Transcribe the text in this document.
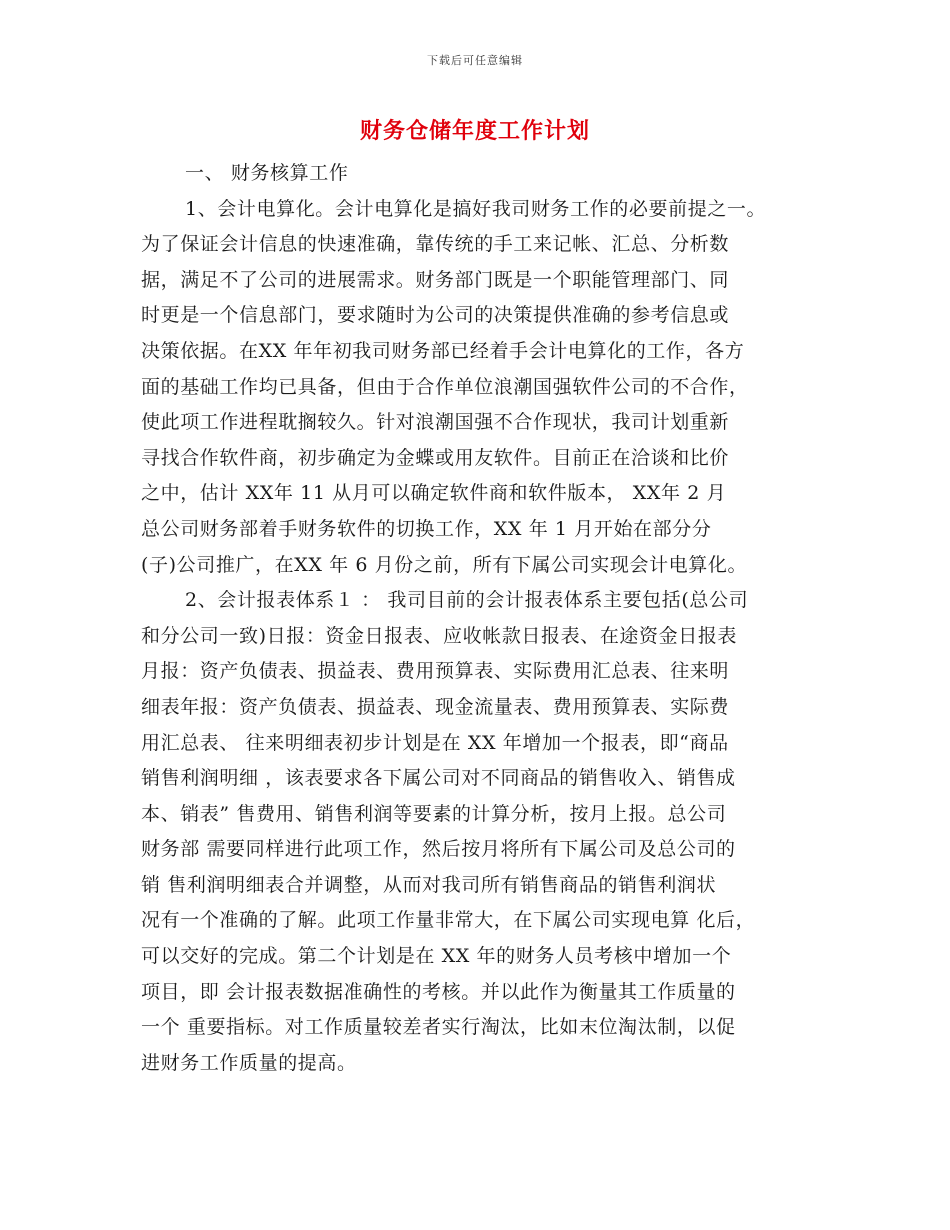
下载后可任意编辑
财务仓储年度工作计划
一、 财务核算工作
1、会计电算化。会计电算化是搞好我司财务工作的必要前提之一。
为了保证会计信息的快速准确，靠传统的手工来记帐、汇总、分析数
据，满足不了公司的进展需求。财务部门既是一个职能管理部门、同
时更是一个信息部门，要求随时为公司的决策提供准确的参考信息或
决策依据。在XX 年年初我司财务部已经着手会计电算化的工作，各方
面的基础工作均已具备，但由于合作单位浪潮国强软件公司的不合作，
使此项工作进程耽搁较久。针对浪潮国强不合作现状，我司计划重新
寻找合作软件商，初步确定为金蝶或用友软件。目前正在洽谈和比价
之中，估计 XX年 11 从月可以确定软件商和软件版本， XX年 2 月
总公司财务部着手财务软件的切换工作，XX 年 1 月开始在部分分
(子)公司推广，在XX 年 6 月份之前，所有下属公司实现会计电算化。
2、会计报表体系１ ： 我司目前的会计报表体系主要包括(总公司
和分公司一致)日报：资金日报表、应收帐款日报表、在途资金日报表
月报：资产负债表、损益表、费用预算表、实际费用汇总表、往来明
细表年报：资产负债表、损益表、现金流量表、费用预算表、实际费
用汇总表、 往来明细表初步计划是在 XX 年增加一个报表，即“商品
销售利润明细 ，该表要求各下属公司对不同商品的销售收入、销售成
本、销表” 售费用、销售利润等要素的计算分析，按月上报。总公司
财务部 需要同样进行此项工作，然后按月将所有下属公司及总公司的
销 售利润明细表合并调整，从而对我司所有销售商品的销售利润状
况有一个准确的了解。此项工作量非常大，在下属公司实现电算 化后，
可以交好的完成。第二个计划是在 XX 年的财务人员考核中增加一个
项目，即 会计报表数据准确性的考核。并以此作为衡量其工作质量的
一个 重要指标。对工作质量较差者实行淘汰，比如末位淘汰制，以促
进财务工作质量的提高。
